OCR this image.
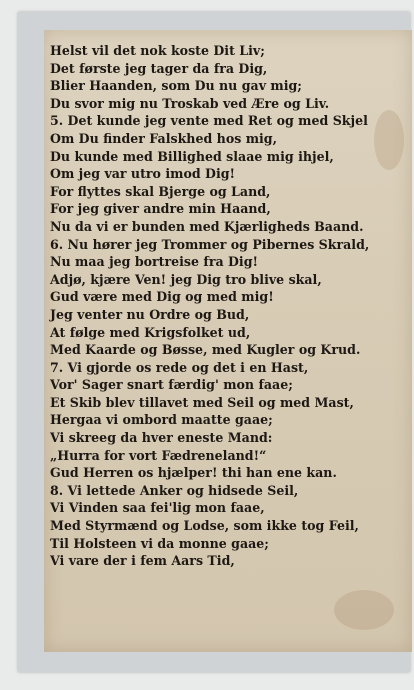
Helst vil det nok koste Dit Liv;
Det første jeg tager da fra Dig,
Blier Haanden, som Du nu gav mig;
Du svor mig nu Troskab ved Ære og Liv.
5. Det kunde jeg vente med Ret og med Skjel
Om Du finder Falskhed hos mig,
Du kunde med Billighed slaae mig ihjel,
Om jeg var utro imod Dig!
For flyttes skal Bjerge og Land,
For jeg giver andre min Haand,
Nu da vi er bunden med Kjærligheds Baand.
6. Nu hører jeg Trommer og Pibernes Skrald,
Nu maa jeg bortreise fra Dig!
Adjø, kjære Ven! jeg Dig tro blive skal,
Gud være med Dig og med mig!
Jeg venter nu Ordre og Bud,
At følge med Krigsfolket ud,
Med Kaarde og Bøsse, med Kugler og Krud.
7. Vi gjorde os rede og det i en Hast,
Vor' Sager snart færdig' mon faae;
Et Skib blev tillavet med Seil og med Mast,
Hergaa vi ombord maatte gaae;
Vi skreeg da hver eneste Mand:
„Hurra for vort Fædreneland!“
Gud Herren os hjælper! thi han ene kan.
8. Vi lettede Anker og hidsede Seil,
Vi Vinden saa fei'lig mon faae,
Med Styrmænd og Lodse, som ikke tog Feil,
Til Holsteen vi da monne gaae;
Vi vare der i fem Aars Tid,
